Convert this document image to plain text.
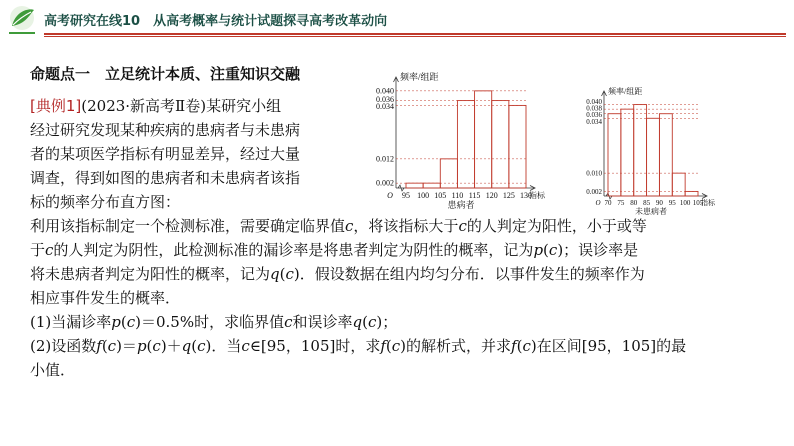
高考研究在线10　从高考概率与统计试题探寻高考改革动向
命题点一　立足统计本质、注重知识交融
[典例1](2023·新高考Ⅱ卷)某研究小组
经过研究发现某种疾病的患病者与未患病
者的某项医学指标有明显差异，经过大量
调查，得到如图的患病者和未患病者该指
标的频率分布直方图：
利用该指标制定一个检测标准，需要确定临界值c，将该指标大于c的人判定为阳性，小于或等
于c的人判定为阴性，此检测标准的漏诊率是将患者判定为阴性的概率，记为p(c)；误诊率是
将未患病者判定为阳性的概率，记为q(c)．假设数据在组内均匀分布．以事件发生的频率作为
相应事件发生的概率．
(1)当漏诊率p(c)＝0.5%时，求临界值c和误诊率q(c)；
(2)设函数f(c)＝p(c)＋q(c)．当c∈[95，105]时，求f(c)的解析式，并求f(c)在区间[95，105]的最
小值．
0.002
0.012
0.034
0.036
0.040
95 100 105 110 115 120 125 130
指标
O
患病者
频率/组距
0.002
0.010
0.034
0.036
0.038
0.040
70 75 80 85 90 95 100 105
指标
O
未患病者
频率/组距
